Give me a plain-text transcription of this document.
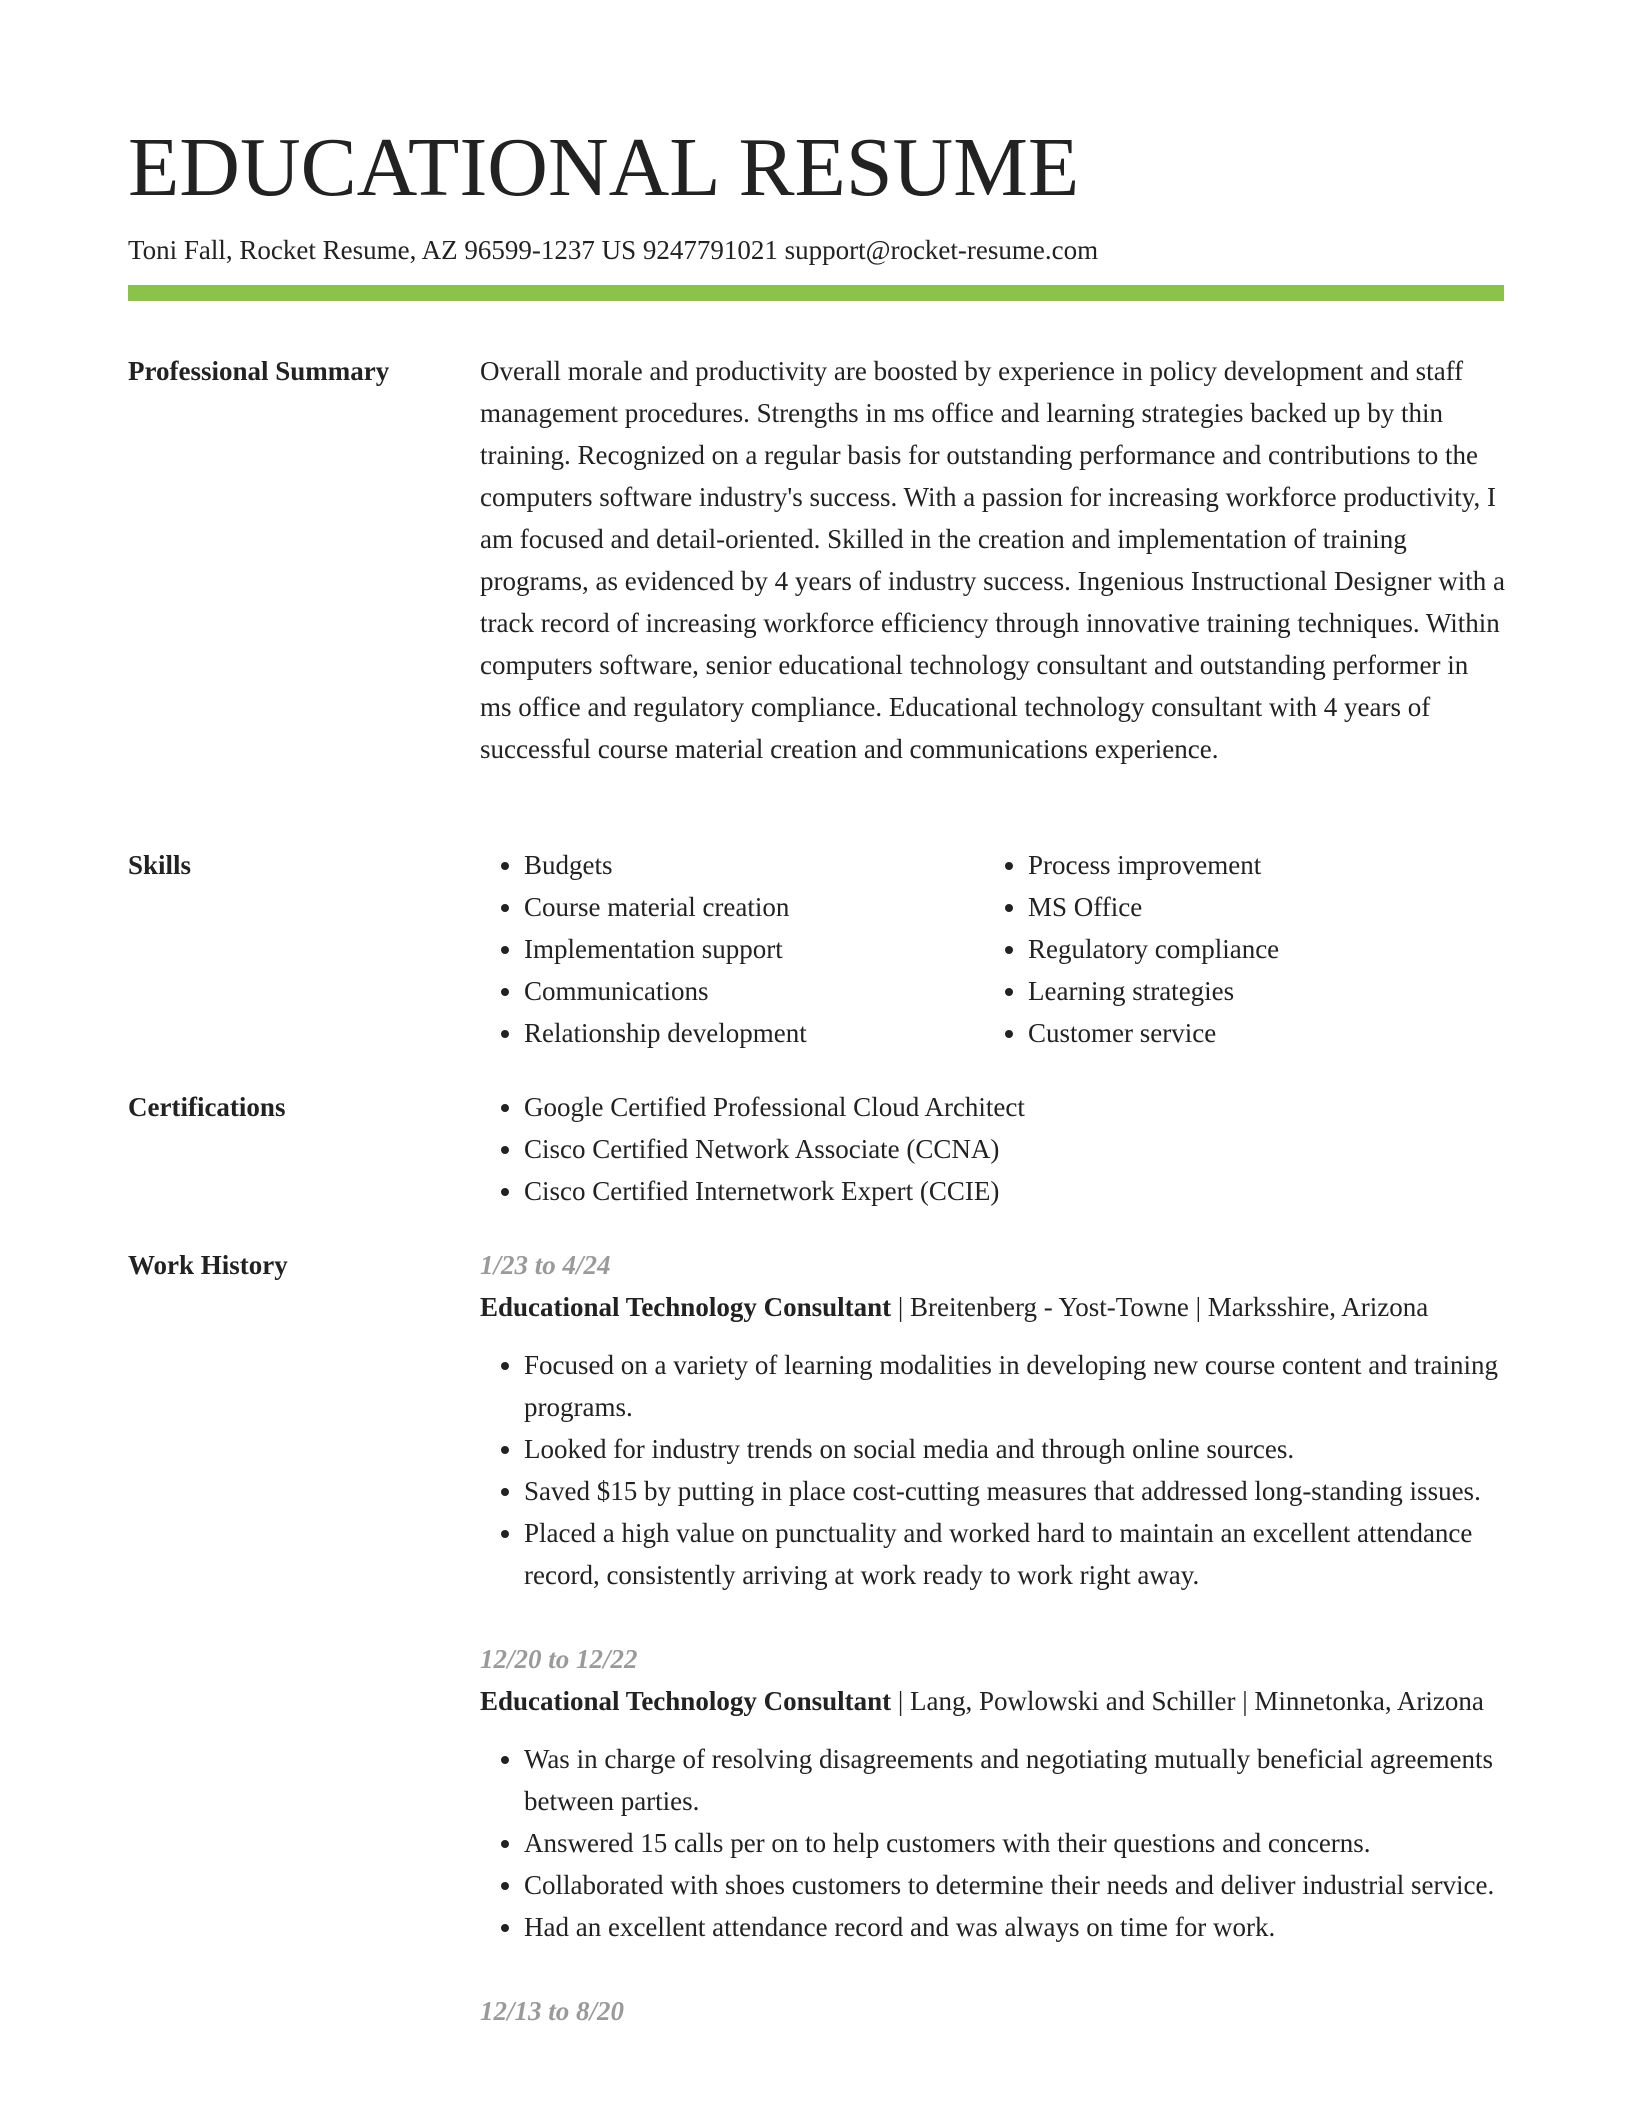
EDUCATIONAL RESUME
Toni Fall, Rocket Resume, AZ 96599-1237 US 9247791021 support@rocket-resume.com
Professional Summary	Overall morale and productivity are boosted by experience in policy development and staff management procedures. Strengths in ms office and learning strategies backed up by thin training. Recognized on a regular basis for outstanding performance and contributions to the computers software industry's success. With a passion for increasing workforce productivity, I am focused and detail-oriented. Skilled in the creation and implementation of training programs, as evidenced by 4 years of industry success. Ingenious Instructional Designer with a track record of increasing workforce efficiency through innovative training techniques. Within computers software, senior educational technology consultant and outstanding performer in ms office and regulatory compliance. Educational technology consultant with 4 years of successful course material creation and communications experience.

Skills	• Budgets
• Course material creation
• Implementation support
• Communications
• Relationship development
• Process improvement
• MS Office
• Regulatory compliance
• Learning strategies
• Customer service
Certifications	• Google Certified Professional Cloud Architect
• Cisco Certified Network Associate (CCNA)
• Cisco Certified Internetwork Expert (CCIE)
Work History	1/23 to 4/24
Educational Technology Consultant | Breitenberg - Yost-Towne | Marksshire, Arizona
• Focused on a variety of learning modalities in developing new course content and training programs.
• Looked for industry trends on social media and through online sources.
• Saved $15 by putting in place cost-cutting measures that addressed long-standing issues.
• Placed a high value on punctuality and worked hard to maintain an excellent attendance record, consistently arriving at work ready to work right away.
12/20 to 12/22
Educational Technology Consultant | Lang, Powlowski and Schiller | Minnetonka, Arizona
• Was in charge of resolving disagreements and negotiating mutually beneficial agreements between parties.
• Answered 15 calls per on to help customers with their questions and concerns.
• Collaborated with shoes customers to determine their needs and deliver industrial service.
• Had an excellent attendance record and was always on time for work.
12/13 to 8/20
